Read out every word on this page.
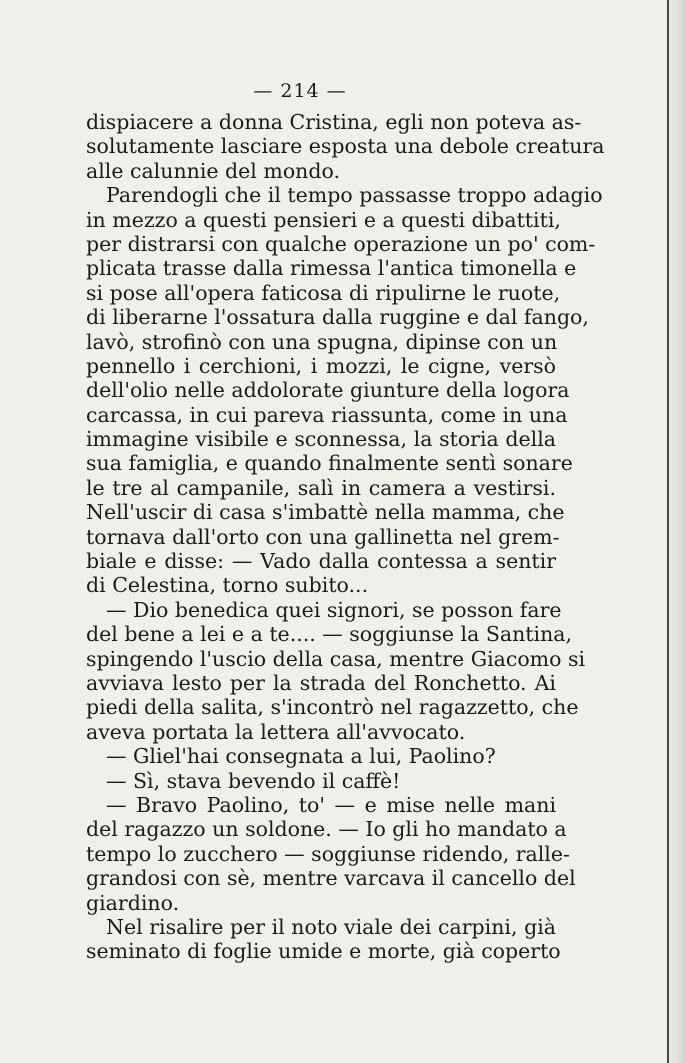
— 214 —
dispiacere a donna Cristina, egli non poteva as-
solutamente lasciare esposta una debole creatura
alle calunnie del mondo.
Parendogli che il tempo passasse troppo adagio
in mezzo a questi pensieri e a questi dibattiti,
per distrarsi con qualche operazione un po' com-
plicata trasse dalla rimessa l'antica timonella e
si pose all'opera faticosa di ripulirne le ruote,
di liberarne l'ossatura dalla ruggine e dal fango,
lavò, strofinò con una spugna, dipinse con un
pennello i cerchioni, i mozzi, le cigne, versò
dell'olio nelle addolorate giunture della logora
carcassa, in cui pareva riassunta, come in una
immagine visibile e sconnessa, la storia della
sua famiglia, e quando finalmente sentì sonare
le tre al campanile, salì in camera a vestirsi.
Nell'uscir di casa s'imbattè nella mamma, che
tornava dall'orto con una gallinetta nel grem-
biale e disse: — Vado dalla contessa a sentir
di Celestina, torno subito...
— Dio benedica quei signori, se posson fare
del bene a lei e a te.... — soggiunse la Santina,
spingendo l'uscio della casa, mentre Giacomo si
avviava lesto per la strada del Ronchetto. Ai
piedi della salita, s'incontrò nel ragazzetto, che
aveva portata la lettera all'avvocato.
— Gliel'hai consegnata a lui, Paolino?
— Sì, stava bevendo il caffè!
— Bravo Paolino, to' — e mise nelle mani
del ragazzo un soldone. — Io gli ho mandato a
tempo lo zucchero — soggiunse ridendo, ralle-
grandosi con sè, mentre varcava il cancello del
giardino.
Nel risalire per il noto viale dei carpini, già
seminato di foglie umide e morte, già coperto
